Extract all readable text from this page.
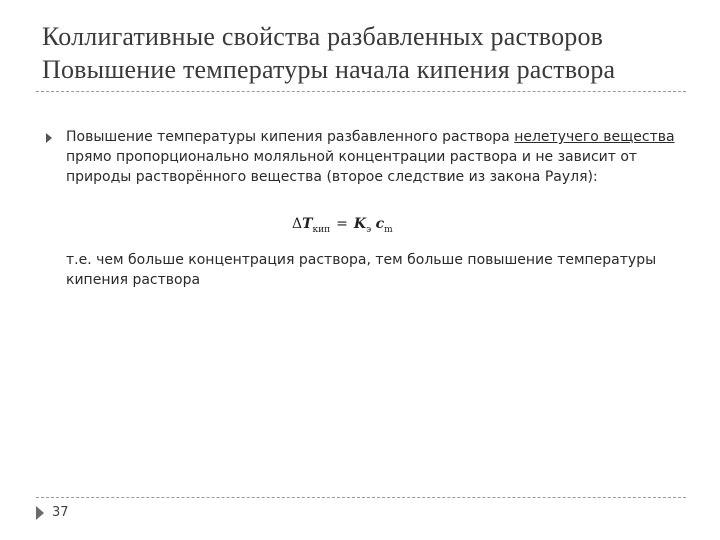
Коллигативные свойства разбавленных растворов
Повышение температуры начала кипения раствора
Повышение температуры кипения разбавленного раствора нелетучего вещества прямо пропорционально моляльной концентрации раствора и не зависит от природы растворённого вещества (второе следствие из закона Рауля):
$\Delta T_{кип} = K_э$ $c_m$
т.е. чем больше концентрация раствора, тем больше повышение температуры кипения раствора
37
